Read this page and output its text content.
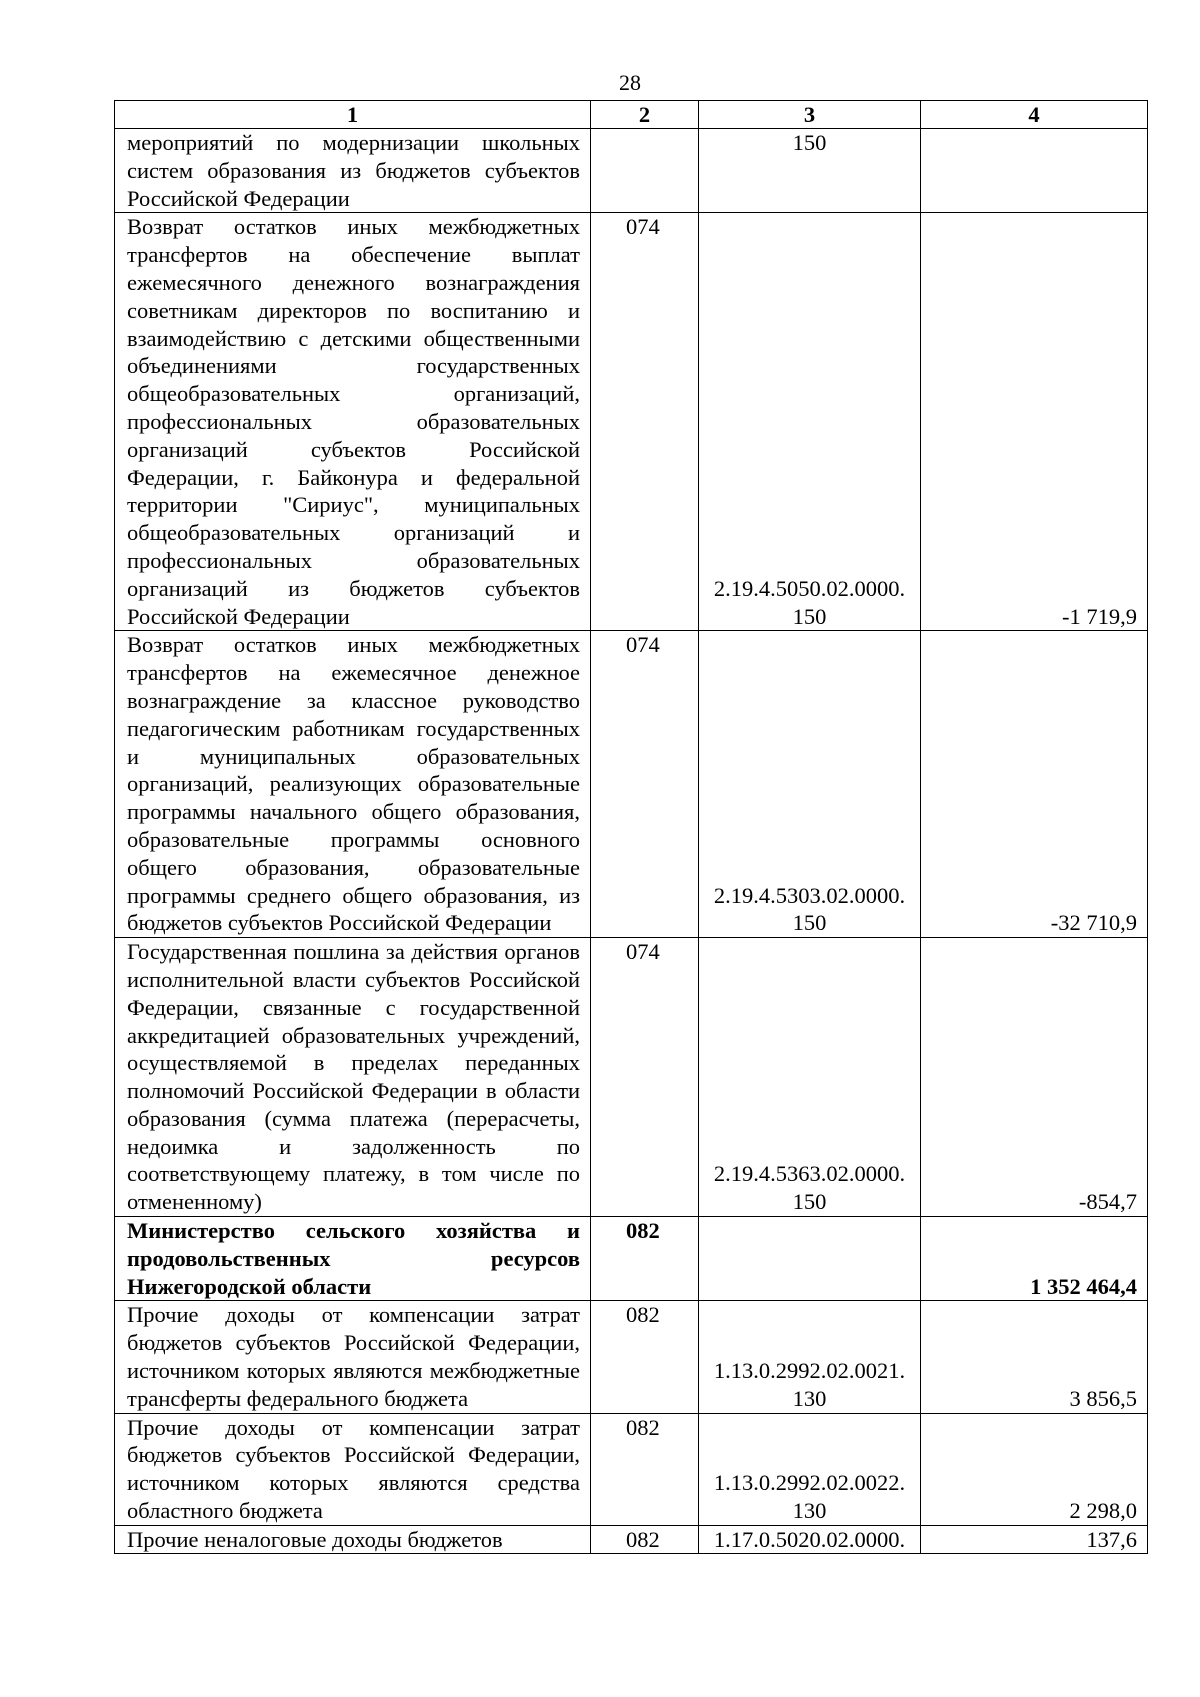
28
1	2	3	4
мероприятий по модернизации школьных систем образования из бюджетов субъектов Российской Федерации		150	
Возврат остатков иных межбюджетных трансфертов на обеспечение выплат ежемесячного денежного вознаграждения советникам директоров по воспитанию и взаимодействию с детскими общественными объединениями государственных общеобразовательных организаций, профессиональных образовательных организаций субъектов Российской Федерации, г. Байконура и федеральной территории "Сириус", муниципальных общеобразовательных организаций и профессиональных образовательных организаций из бюджетов субъектов Российской Федерации	074	2.19.4.5050.02.0000. 150	-1 719,9
Возврат остатков иных межбюджетных трансфертов на ежемесячное денежное вознаграждение за классное руководство педагогическим работникам государственных и муниципальных образовательных организаций, реализующих образовательные программы начального общего образования, образовательные программы основного общего образования, образовательные программы среднего общего образования, из бюджетов субъектов Российской Федерации	074	2.19.4.5303.02.0000. 150	-32 710,9
Государственная пошлина за действия органов исполнительной власти субъектов Российской Федерации, связанные с государственной аккредитацией образовательных учреждений, осуществляемой в пределах переданных полномочий Российской Федерации в области образования (сумма платежа (перерасчеты, недоимка и задолженность по соответствующему платежу, в том числе по отмененному)	074	2.19.4.5363.02.0000. 150	-854,7
Министерство сельского хозяйства и продовольственных ресурсов Нижегородской области	082		1 352 464,4
Прочие доходы от компенсации затрат бюджетов субъектов Российской Федерации, источником которых являются межбюджетные трансферты федерального бюджета	082	1.13.0.2992.02.0021. 130	3 856,5
Прочие доходы от компенсации затрат бюджетов субъектов Российской Федерации, источником которых являются средства областного бюджета	082	1.13.0.2992.02.0022. 130	2 298,0
Прочие неналоговые доходы бюджетов	082	1.17.0.5020.02.0000.	137,6
